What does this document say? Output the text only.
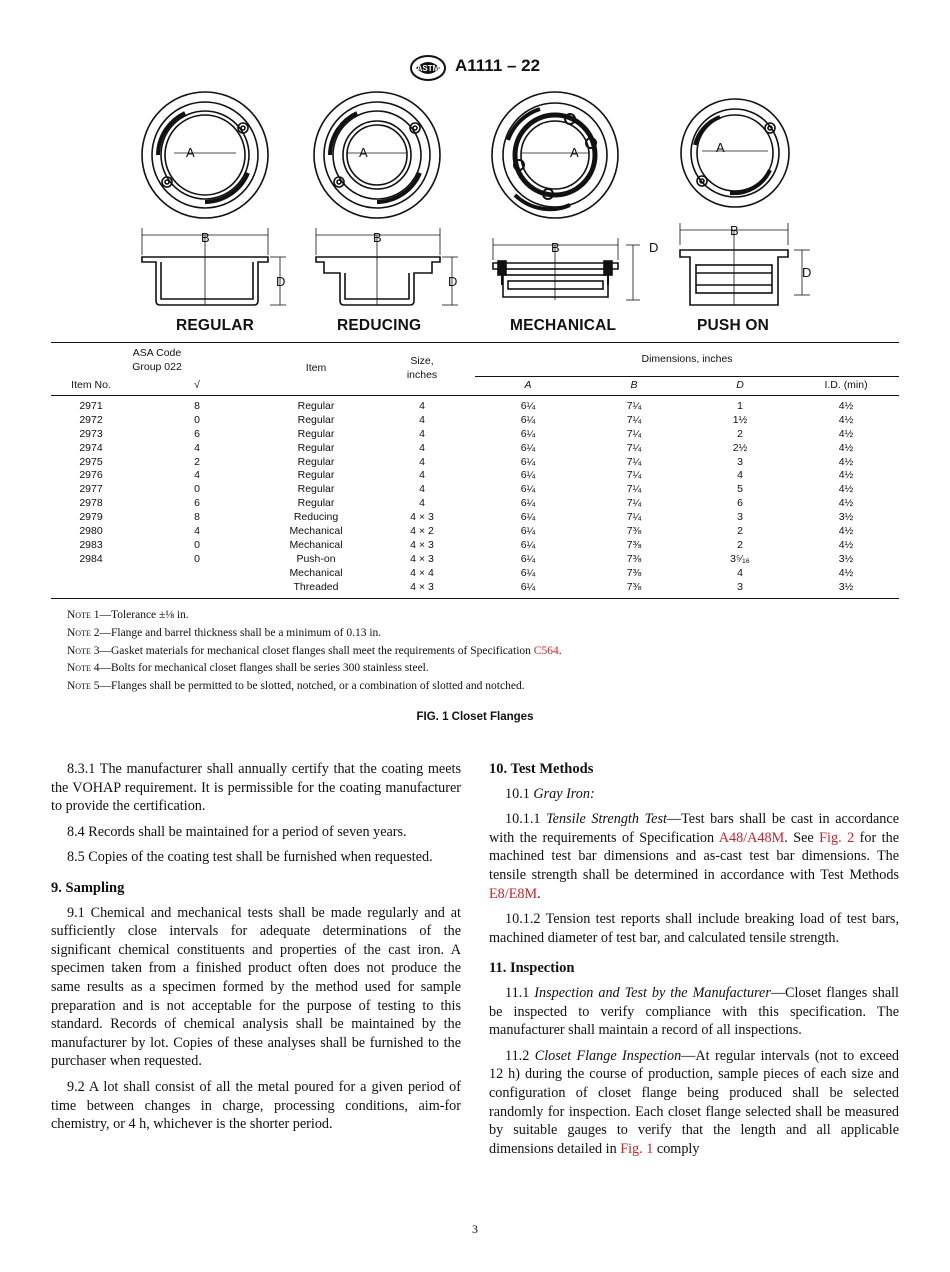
ASTM A1111 – 22
A
B
D
A
B
D
A
B	D
A
B
D
REGULAR	REDUCING	MECHANICAL	PUSH ON
ASA Code
Group 022		Item	Size,
inches	Dimensions, inches			
Item No.	√			A	B	D	I.D. (min)
2971	8	Regular	4	6¼	7¼	1	4½
2972	0	Regular	4	6¼	7¼	1½	4½
2973	6	Regular	4	6¼	7¼	2	4½
2974	4	Regular	4	6¼	7¼	2½	4½
2975	2	Regular	4	6¼	7¼	3	4½
2976	4	Regular	4	6¼	7¼	4	4½
2977	0	Regular	4	6¼	7¼	5	4½
2978	6	Regular	4	6¼	7¼	6	4½
2979	8	Reducing	4 × 3	6¼	7¼	3	3½
2980	4	Mechanical	4 × 2	6¼	7⅜	2	4½
2983	0	Mechanical	4 × 3	6¼	7⅜	2	4½
2984	0	Push-on	4 × 3	6¼	7⅜	3⁵⁄₁₆	3½
		Mechanical	4 × 4	6¼	7⅜	4	4½
		Threaded	4 × 3	6¼	7⅜	3	3½
Note 1—Tolerance ±⅛ in.
Note 2—Flange and barrel thickness shall be a minimum of 0.13 in.
Note 3—Gasket materials for mechanical closet flanges shall meet the requirements of Specification C564.
Note 4—Bolts for mechanical closet flanges shall be series 300 stainless steel.
Note 5—Flanges shall be permitted to be slotted, notched, or a combination of slotted and notched.
FIG. 1 Closet Flanges

8.3.1 The manufacturer shall annually certify that the coating meets the VOHAP requirement. It is permissible for the coating manufacturer to provide the certification.

8.4 Records shall be maintained for a period of seven years.

8.5 Copies of the coating test shall be furnished when requested.

9. Sampling

9.1 Chemical and mechanical tests shall be made regularly and at sufficiently close intervals for adequate determinations of the significant chemical constituents and properties of the cast iron. A specimen taken from a finished product often does not produce the same results as a specimen formed by the method used for sample preparation and is not acceptable for the purpose of testing to this standard. Records of chemical analysis shall be maintained by the manufacturer by lot. Copies of these analyses shall be furnished to the purchaser when requested.

9.2 A lot shall consist of all the metal poured for a given period of time between changes in charge, processing conditions, aim-for chemistry, or 4 h, whichever is the shorter period.

10. Test Methods

10.1 Gray Iron:

10.1.1 Tensile Strength Test—Test bars shall be cast in accordance with the requirements of Specification A48/A48M. See Fig. 2 for the machined test bar dimensions and as-cast test bar dimensions. The tensile strength shall be determined in accordance with Test Methods E8/E8M.

10.1.2 Tension test reports shall include breaking load of test bars, machined diameter of test bar, and calculated tensile strength.

11. Inspection

11.1 Inspection and Test by the Manufacturer—Closet flanges shall be inspected to verify compliance with this specification. The manufacturer shall maintain a record of all inspections.

11.2 Closet Flange Inspection—At regular intervals (not to exceed 12 h) during the course of production, sample pieces of each size and configuration of closet flange being produced shall be selected randomly for inspection. Each closet flange selected shall be measured by suitable gauges to verify that the length and all applicable dimensions detailed in Fig. 1 comply

3
